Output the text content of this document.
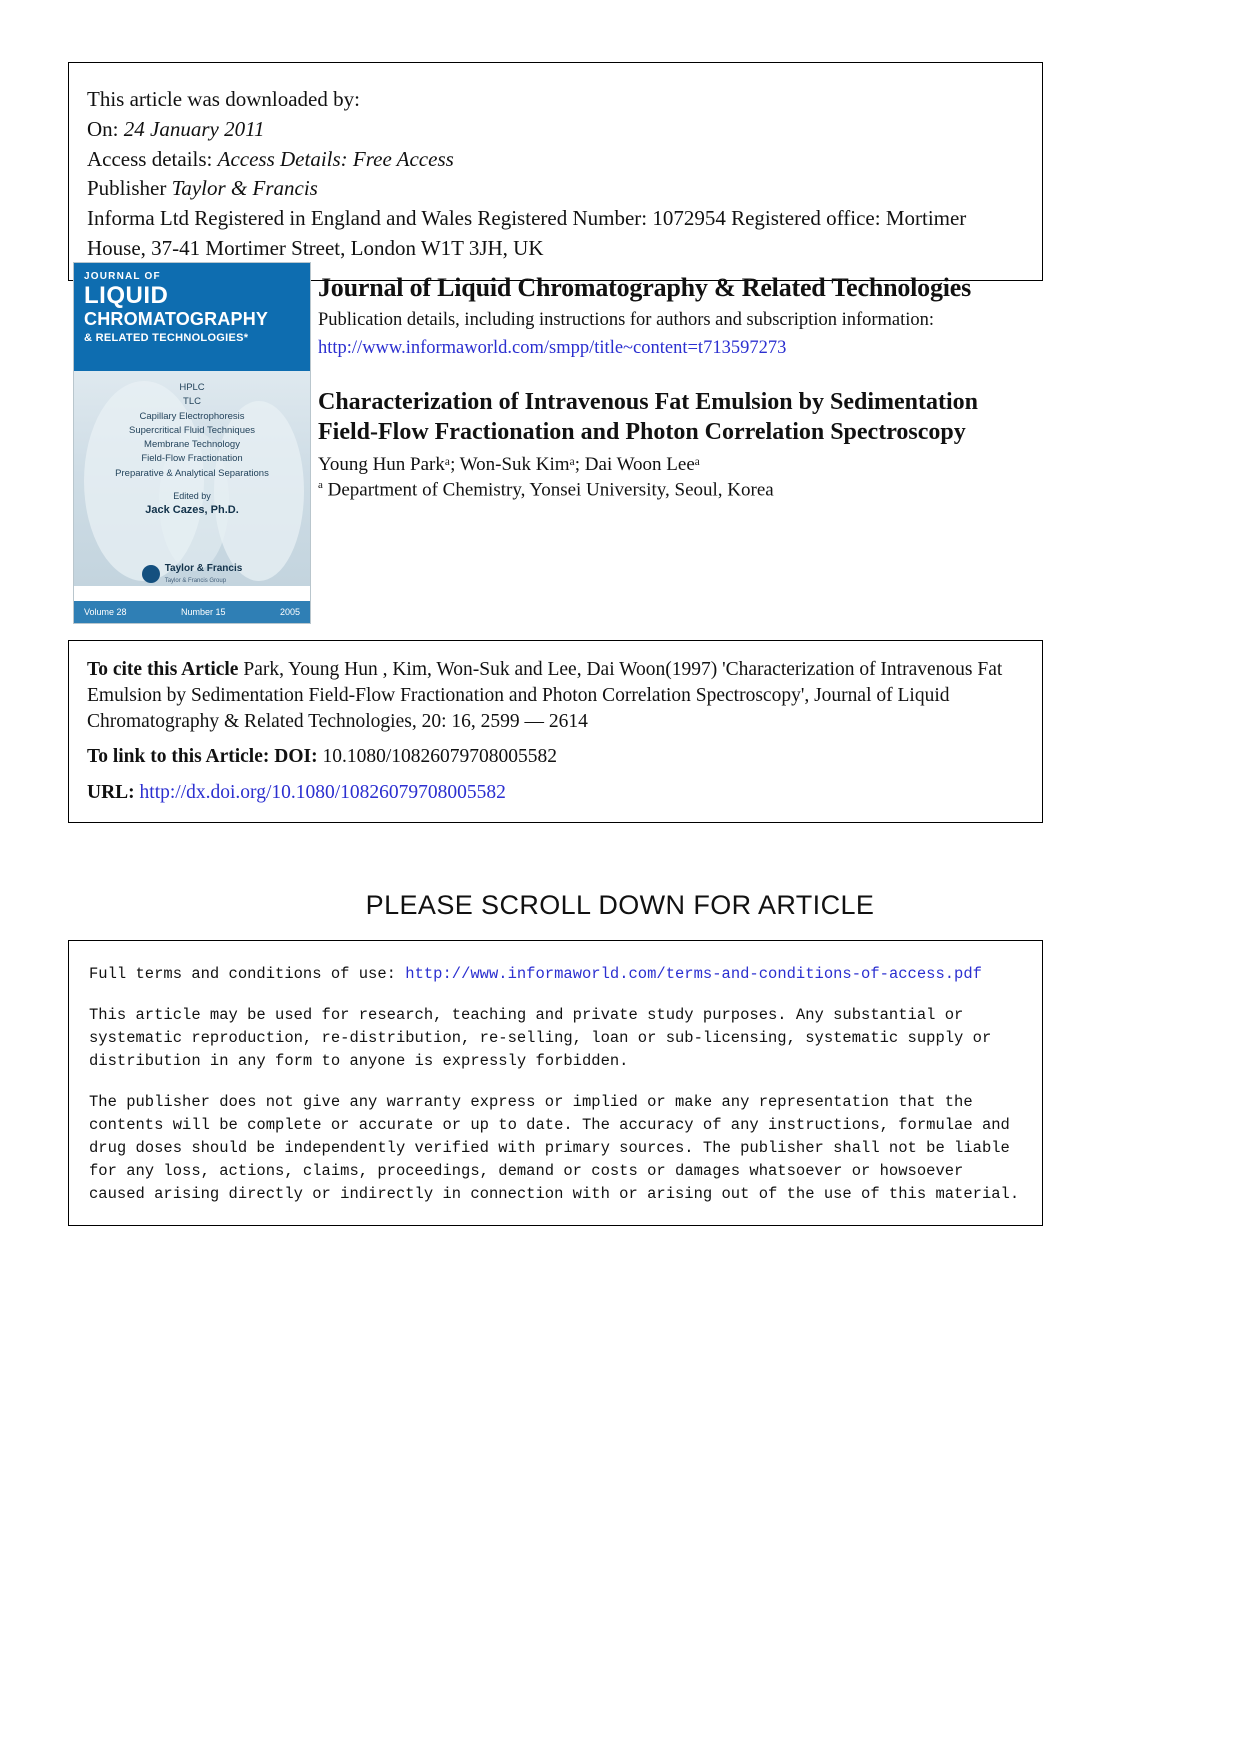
This article was downloaded by:
On: 24 January 2011
Access details: Access Details: Free Access
Publisher Taylor & Francis
Informa Ltd Registered in England and Wales Registered Number: 1072954 Registered office: Mortimer House, 37-41 Mortimer Street, London W1T 3JH, UK
JOURNAL OF
LIQUID
CHROMATOGRAPHY
& RELATED TECHNOLOGIES*
HPLC
TLC
Capillary Electrophoresis
Supercritical Fluid Techniques
Membrane Technology
Field-Flow Fractionation
Preparative & Analytical Separations
Edited by
Jack Cazes, Ph.D.
Taylor & Francis
Taylor & Francis Group
Volume 28	Number 15	2005
Journal of Liquid Chromatography & Related Technologies
Publication details, including instructions for authors and subscription information:
http://www.informaworld.com/smpp/title~content=t713597273
Characterization of Intravenous Fat Emulsion by Sedimentation Field-Flow Fractionation and Photon Correlation Spectroscopy
Young Hun Parkᵃ; Won-Suk Kimᵃ; Dai Woon Leeᵃ
$^a$ Department of Chemistry, Yonsei University, Seoul, Korea
To cite this Article Park, Young Hun , Kim, Won-Suk and Lee, Dai Woon(1997) 'Characterization of Intravenous Fat Emulsion by Sedimentation Field-Flow Fractionation and Photon Correlation Spectroscopy', Journal of Liquid Chromatography & Related Technologies, 20: 16, 2599 — 2614
To link to this Article: DOI: 10.1080/10826079708005582
URL: http://dx.doi.org/10.1080/10826079708005582
PLEASE SCROLL DOWN FOR ARTICLE
Full terms and conditions of use: http://www.informaworld.com/terms-and-conditions-of-access.pdf
This article may be used for research, teaching and private study purposes. Any substantial or systematic reproduction, re-distribution, re-selling, loan or sub-licensing, systematic supply or distribution in any form to anyone is expressly forbidden.
The publisher does not give any warranty express or implied or make any representation that the contents will be complete or accurate or up to date. The accuracy of any instructions, formulae and drug doses should be independently verified with primary sources. The publisher shall not be liable for any loss, actions, claims, proceedings, demand or costs or damages whatsoever or howsoever caused arising directly or indirectly in connection with or arising out of the use of this material.
